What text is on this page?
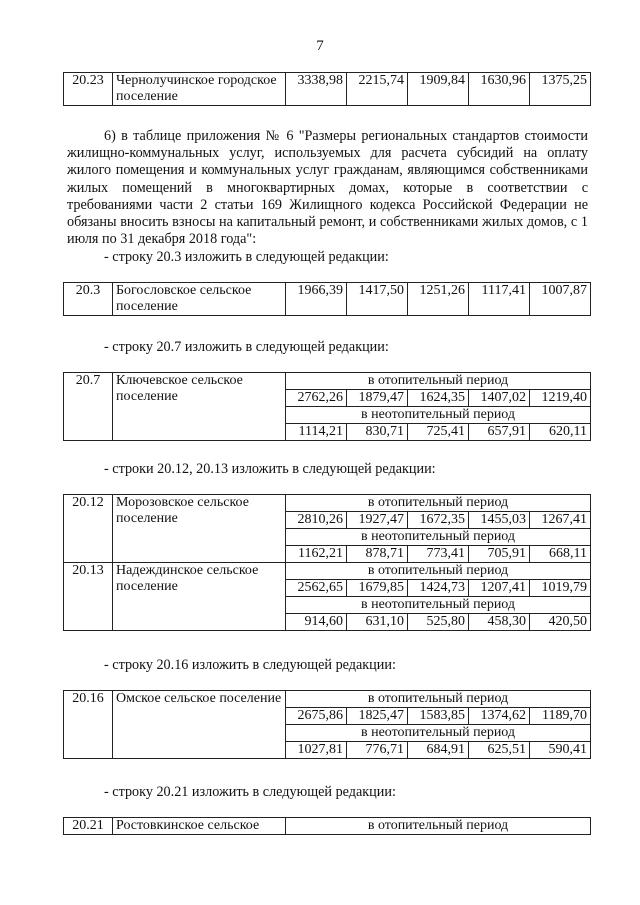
7
20.23	Чернолучинское городское поселение	3338,98	2215,74	1909,84	1630,96	1375,25
6) в таблице приложения № 6 "Размеры региональных стандартов стоимости жилищно-коммунальных услуг, используемых для расчета субсидий на оплату жилого помещения и коммунальных услуг гражданам, являющимся собственниками жилых помещений в многоквартирных домах, которые в соответствии с требованиями части 2 статьи 169 Жилищного кодекса Российской Федерации не обязаны вносить взносы на капитальный ремонт, и собственниками жилых домов, с 1 июля по 31 декабря 2018 года":
- строку 20.3 изложить в следующей редакции:
20.3	Богословское сельское поселение	1966,39	1417,50	1251,26	1117,41	1007,87
- строку 20.7 изложить в следующей редакции:
20.7	Ключевское сельское поселение	в отопительный период				
		2762,26	1879,47	1624,35	1407,02	1219,40
		в неотопительный период				
		1114,21	830,71	725,41	657,91	620,11
- строки 20.12, 20.13 изложить в следующей редакции:
20.12	Морозовское сельское поселение	в отопительный период				
		2810,26	1927,47	1672,35	1455,03	1267,41
		в неотопительный период				
		1162,21	878,71	773,41	705,91	668,11
20.13	Надеждинское сельское поселение	в отопительный период				
		2562,65	1679,85	1424,73	1207,41	1019,79
		в неотопительный период				
		914,60	631,10	525,80	458,30	420,50
- строку 20.16 изложить в следующей редакции:
20.16	Омское сельское поселение	в отопительный период				
		2675,86	1825,47	1583,85	1374,62	1189,70
		в неотопительный период				
		1027,81	776,71	684,91	625,51	590,41
- строку 20.21 изложить в следующей редакции:
20.21	Ростовкинское сельское	в отопительный период
